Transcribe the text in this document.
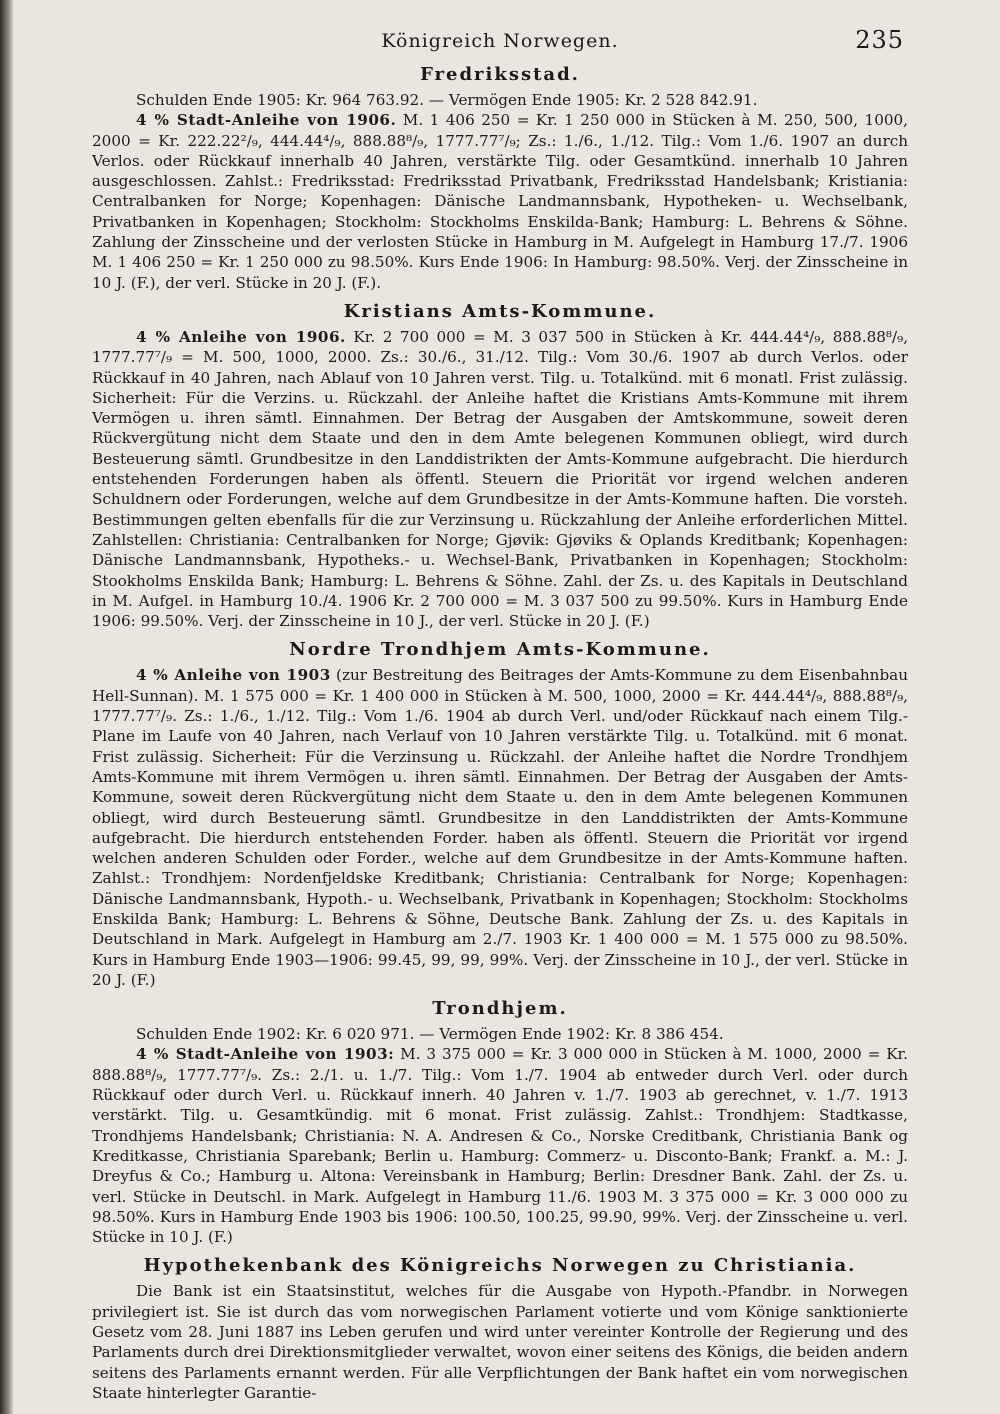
Königreich Norwegen.	235
Fredriksstad.

Schulden Ende 1905: Kr. 964 763.92. — Vermögen Ende 1905: Kr. 2 528 842.91.

4 % Stadt-Anleihe von 1906. M. 1 406 250 = Kr. 1 250 000 in Stücken à M. 250, 500, 1000, 2000 = Kr. 222.22²/₉, 444.44⁴/₉, 888.88⁸/₉, 1777.77⁷/₉; Zs.: 1./6., 1./12. Tilg.: Vom 1./6. 1907 an durch Verlos. oder Rückkauf innerhalb 40 Jahren, verstärkte Tilg. oder Gesamtkünd. innerhalb 10 Jahren ausgeschlossen. Zahlst.: Fredriksstad: Fredriksstad Privatbank, Fredriksstad Handelsbank; Kristiania: Centralbanken for Norge; Kopenhagen: Dänische Landmannsbank, Hypotheken- u. Wechselbank, Privatbanken in Kopenhagen; Stockholm: Stockholms Enskilda-Bank; Hamburg: L. Behrens & Söhne. Zahlung der Zinsscheine und der verlosten Stücke in Hamburg in M. Aufgelegt in Hamburg 17./7. 1906 M. 1 406 250 = Kr. 1 250 000 zu 98.50%. Kurs Ende 1906: In Hamburg: 98.50%. Verj. der Zinsscheine in 10 J. (F.), der verl. Stücke in 20 J. (F.).

Kristians Amts-Kommune.

4 % Anleihe von 1906. Kr. 2 700 000 = M. 3 037 500 in Stücken à Kr. 444.44⁴/₉, 888.88⁸/₉, 1777.77⁷/₉ = M. 500, 1000, 2000. Zs.: 30./6., 31./12. Tilg.: Vom 30./6. 1907 ab durch Verlos. oder Rückkauf in 40 Jahren, nach Ablauf von 10 Jahren verst. Tilg. u. Totalkünd. mit 6 monatl. Frist zulässig. Sicherheit: Für die Verzins. u. Rückzahl. der Anleihe haftet die Kristians Amts-Kommune mit ihrem Vermögen u. ihren sämtl. Einnahmen. Der Betrag der Ausgaben der Amtskommune, soweit deren Rückvergütung nicht dem Staate und den in dem Amte belegenen Kommunen obliegt, wird durch Besteuerung sämtl. Grundbesitze in den Landdistrikten der Amts-Kommune aufgebracht. Die hierdurch entstehenden Forderungen haben als öffentl. Steuern die Priorität vor irgend welchen anderen Schuldnern oder Forderungen, welche auf dem Grundbesitze in der Amts-Kommune haften. Die vorsteh. Bestimmungen gelten ebenfalls für die zur Verzinsung u. Rückzahlung der Anleihe erforderlichen Mittel. Zahlstellen: Christiania: Centralbanken for Norge; Gjøvik: Gjøviks & Oplands Kreditbank; Kopenhagen: Dänische Landmannsbank, Hypotheks.- u. Wechsel-Bank, Privatbanken in Kopenhagen; Stockholm: Stookholms Enskilda Bank; Hamburg: L. Behrens & Söhne. Zahl. der Zs. u. des Kapitals in Deutschland in M. Aufgel. in Hamburg 10./4. 1906 Kr. 2 700 000 = M. 3 037 500 zu 99.50%. Kurs in Hamburg Ende 1906: 99.50%. Verj. der Zinsscheine in 10 J., der verl. Stücke in 20 J. (F.)

Nordre Trondhjem Amts-Kommune.

4 % Anleihe von 1903 (zur Bestreitung des Beitrages der Amts-Kommune zu dem Eisenbahnbau Hell-Sunnan). M. 1 575 000 = Kr. 1 400 000 in Stücken à M. 500, 1000, 2000 = Kr. 444.44⁴/₉, 888.88⁸/₉, 1777.77⁷/₉. Zs.: 1./6., 1./12. Tilg.: Vom 1./6. 1904 ab durch Verl. und/oder Rückkauf nach einem Tilg.-Plane im Laufe von 40 Jahren, nach Verlauf von 10 Jahren verstärkte Tilg. u. Totalkünd. mit 6 monat. Frist zulässig. Sicherheit: Für die Verzinsung u. Rückzahl. der Anleihe haftet die Nordre Trondhjem Amts-Kommune mit ihrem Vermögen u. ihren sämtl. Einnahmen. Der Betrag der Ausgaben der Amts-Kommune, soweit deren Rückvergütung nicht dem Staate u. den in dem Amte belegenen Kommunen obliegt, wird durch Besteuerung sämtl. Grundbesitze in den Landdistrikten der Amts-Kommune aufgebracht. Die hierdurch entstehenden Forder. haben als öffentl. Steuern die Priorität vor irgend welchen anderen Schulden oder Forder., welche auf dem Grundbesitze in der Amts-Kommune haften. Zahlst.: Trondhjem: Nordenfjeldske Kreditbank; Christiania: Centralbank for Norge; Kopenhagen: Dänische Landmannsbank, Hypoth.- u. Wechselbank, Privatbank in Kopenhagen; Stockholm: Stockholms Enskilda Bank; Hamburg: L. Behrens & Söhne, Deutsche Bank. Zahlung der Zs. u. des Kapitals in Deutschland in Mark. Aufgelegt in Hamburg am 2./7. 1903 Kr. 1 400 000 = M. 1 575 000 zu 98.50%. Kurs in Hamburg Ende 1903—1906: 99.45, 99, 99, 99%. Verj. der Zinsscheine in 10 J., der verl. Stücke in 20 J. (F.)

Trondhjem.

Schulden Ende 1902: Kr. 6 020 971. — Vermögen Ende 1902: Kr. 8 386 454.

4 % Stadt-Anleihe von 1903: M. 3 375 000 = Kr. 3 000 000 in Stücken à M. 1000, 2000 = Kr. 888.88⁸/₉, 1777.77⁷/₉. Zs.: 2./1. u. 1./7. Tilg.: Vom 1./7. 1904 ab entweder durch Verl. oder durch Rückkauf oder durch Verl. u. Rückkauf innerh. 40 Jahren v. 1./7. 1903 ab gerechnet, v. 1./7. 1913 verstärkt. Tilg. u. Gesamtkündig. mit 6 monat. Frist zulässig. Zahlst.: Trondhjem: Stadtkasse, Trondhjems Handelsbank; Christiania: N. A. Andresen & Co., Norske Creditbank, Christiania Bank og Kreditkasse, Christiania Sparebank; Berlin u. Hamburg: Commerz- u. Disconto-Bank; Frankf. a. M.: J. Dreyfus & Co.; Hamburg u. Altona: Vereinsbank in Hamburg; Berlin: Dresdner Bank. Zahl. der Zs. u. verl. Stücke in Deutschl. in Mark. Aufgelegt in Hamburg 11./6. 1903 M. 3 375 000 = Kr. 3 000 000 zu 98.50%. Kurs in Hamburg Ende 1903 bis 1906: 100.50, 100.25, 99.90, 99%. Verj. der Zinsscheine u. verl. Stücke in 10 J. (F.)

Hypothekenbank des Königreichs Norwegen zu Christiania.

Die Bank ist ein Staatsinstitut, welches für die Ausgabe von Hypoth.-Pfandbr. in Norwegen privilegiert ist. Sie ist durch das vom norwegischen Parlament votierte und vom Könige sanktionierte Gesetz vom 28. Juni 1887 ins Leben gerufen und wird unter vereinter Kontrolle der Regierung und des Parlaments durch drei Direktionsmitglieder verwaltet, wovon einer seitens des Königs, die beiden andern seitens des Parlaments ernannt werden. Für alle Verpflichtungen der Bank haftet ein vom norwegischen Staate hinterlegter Garantie-
